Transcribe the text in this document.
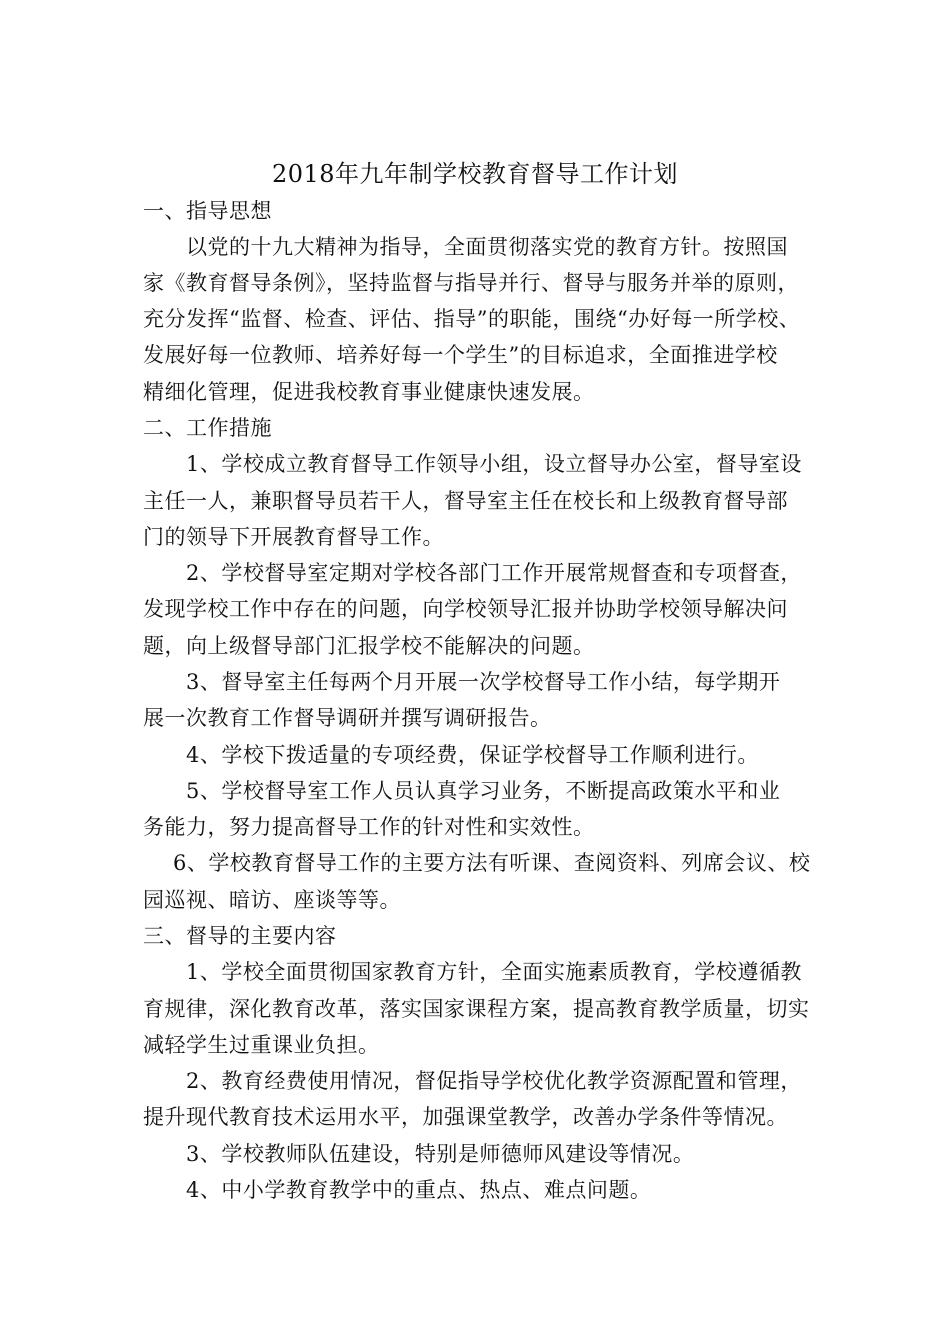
2018年九年制学校教育督导工作计划
一、指导思想
以党的十九大精神为指导，全面贯彻落实党的教育方针。按照国
家《教育督导条例》，坚持监督与指导并行、督导与服务并举的原则，
充分发挥“监督、检查、评估、指导”的职能，围绕“办好每一所学校、
发展好每一位教师、培养好每一个学生”的目标追求，全面推进学校
精细化管理，促进我校教育事业健康快速发展。
二、工作措施
1、学校成立教育督导工作领导小组，设立督导办公室，督导室设
主任一人，兼职督导员若干人，督导室主任在校长和上级教育督导部
门的领导下开展教育督导工作。
2、学校督导室定期对学校各部门工作开展常规督查和专项督查，
发现学校工作中存在的问题，向学校领导汇报并协助学校领导解决问
题，向上级督导部门汇报学校不能解决的问题。
3、督导室主任每两个月开展一次学校督导工作小结，每学期开
展一次教育工作督导调研并撰写调研报告。
4、学校下拨适量的专项经费，保证学校督导工作顺利进行。
5、学校督导室工作人员认真学习业务，不断提高政策水平和业
务能力，努力提高督导工作的针对性和实效性。
6、学校教育督导工作的主要方法有听课、查阅资料、列席会议、校
园巡视、暗访、座谈等等。
三、督导的主要内容
1、学校全面贯彻国家教育方针，全面实施素质教育，学校遵循教
育规律，深化教育改革，落实国家课程方案，提高教育教学质量，切实
减轻学生过重课业负担。
2、教育经费使用情况，督促指导学校优化教学资源配置和管理，
提升现代教育技术运用水平，加强课堂教学，改善办学条件等情况。
3、学校教师队伍建设，特别是师德师风建设等情况。
4、中小学教育教学中的重点、热点、难点问题。
